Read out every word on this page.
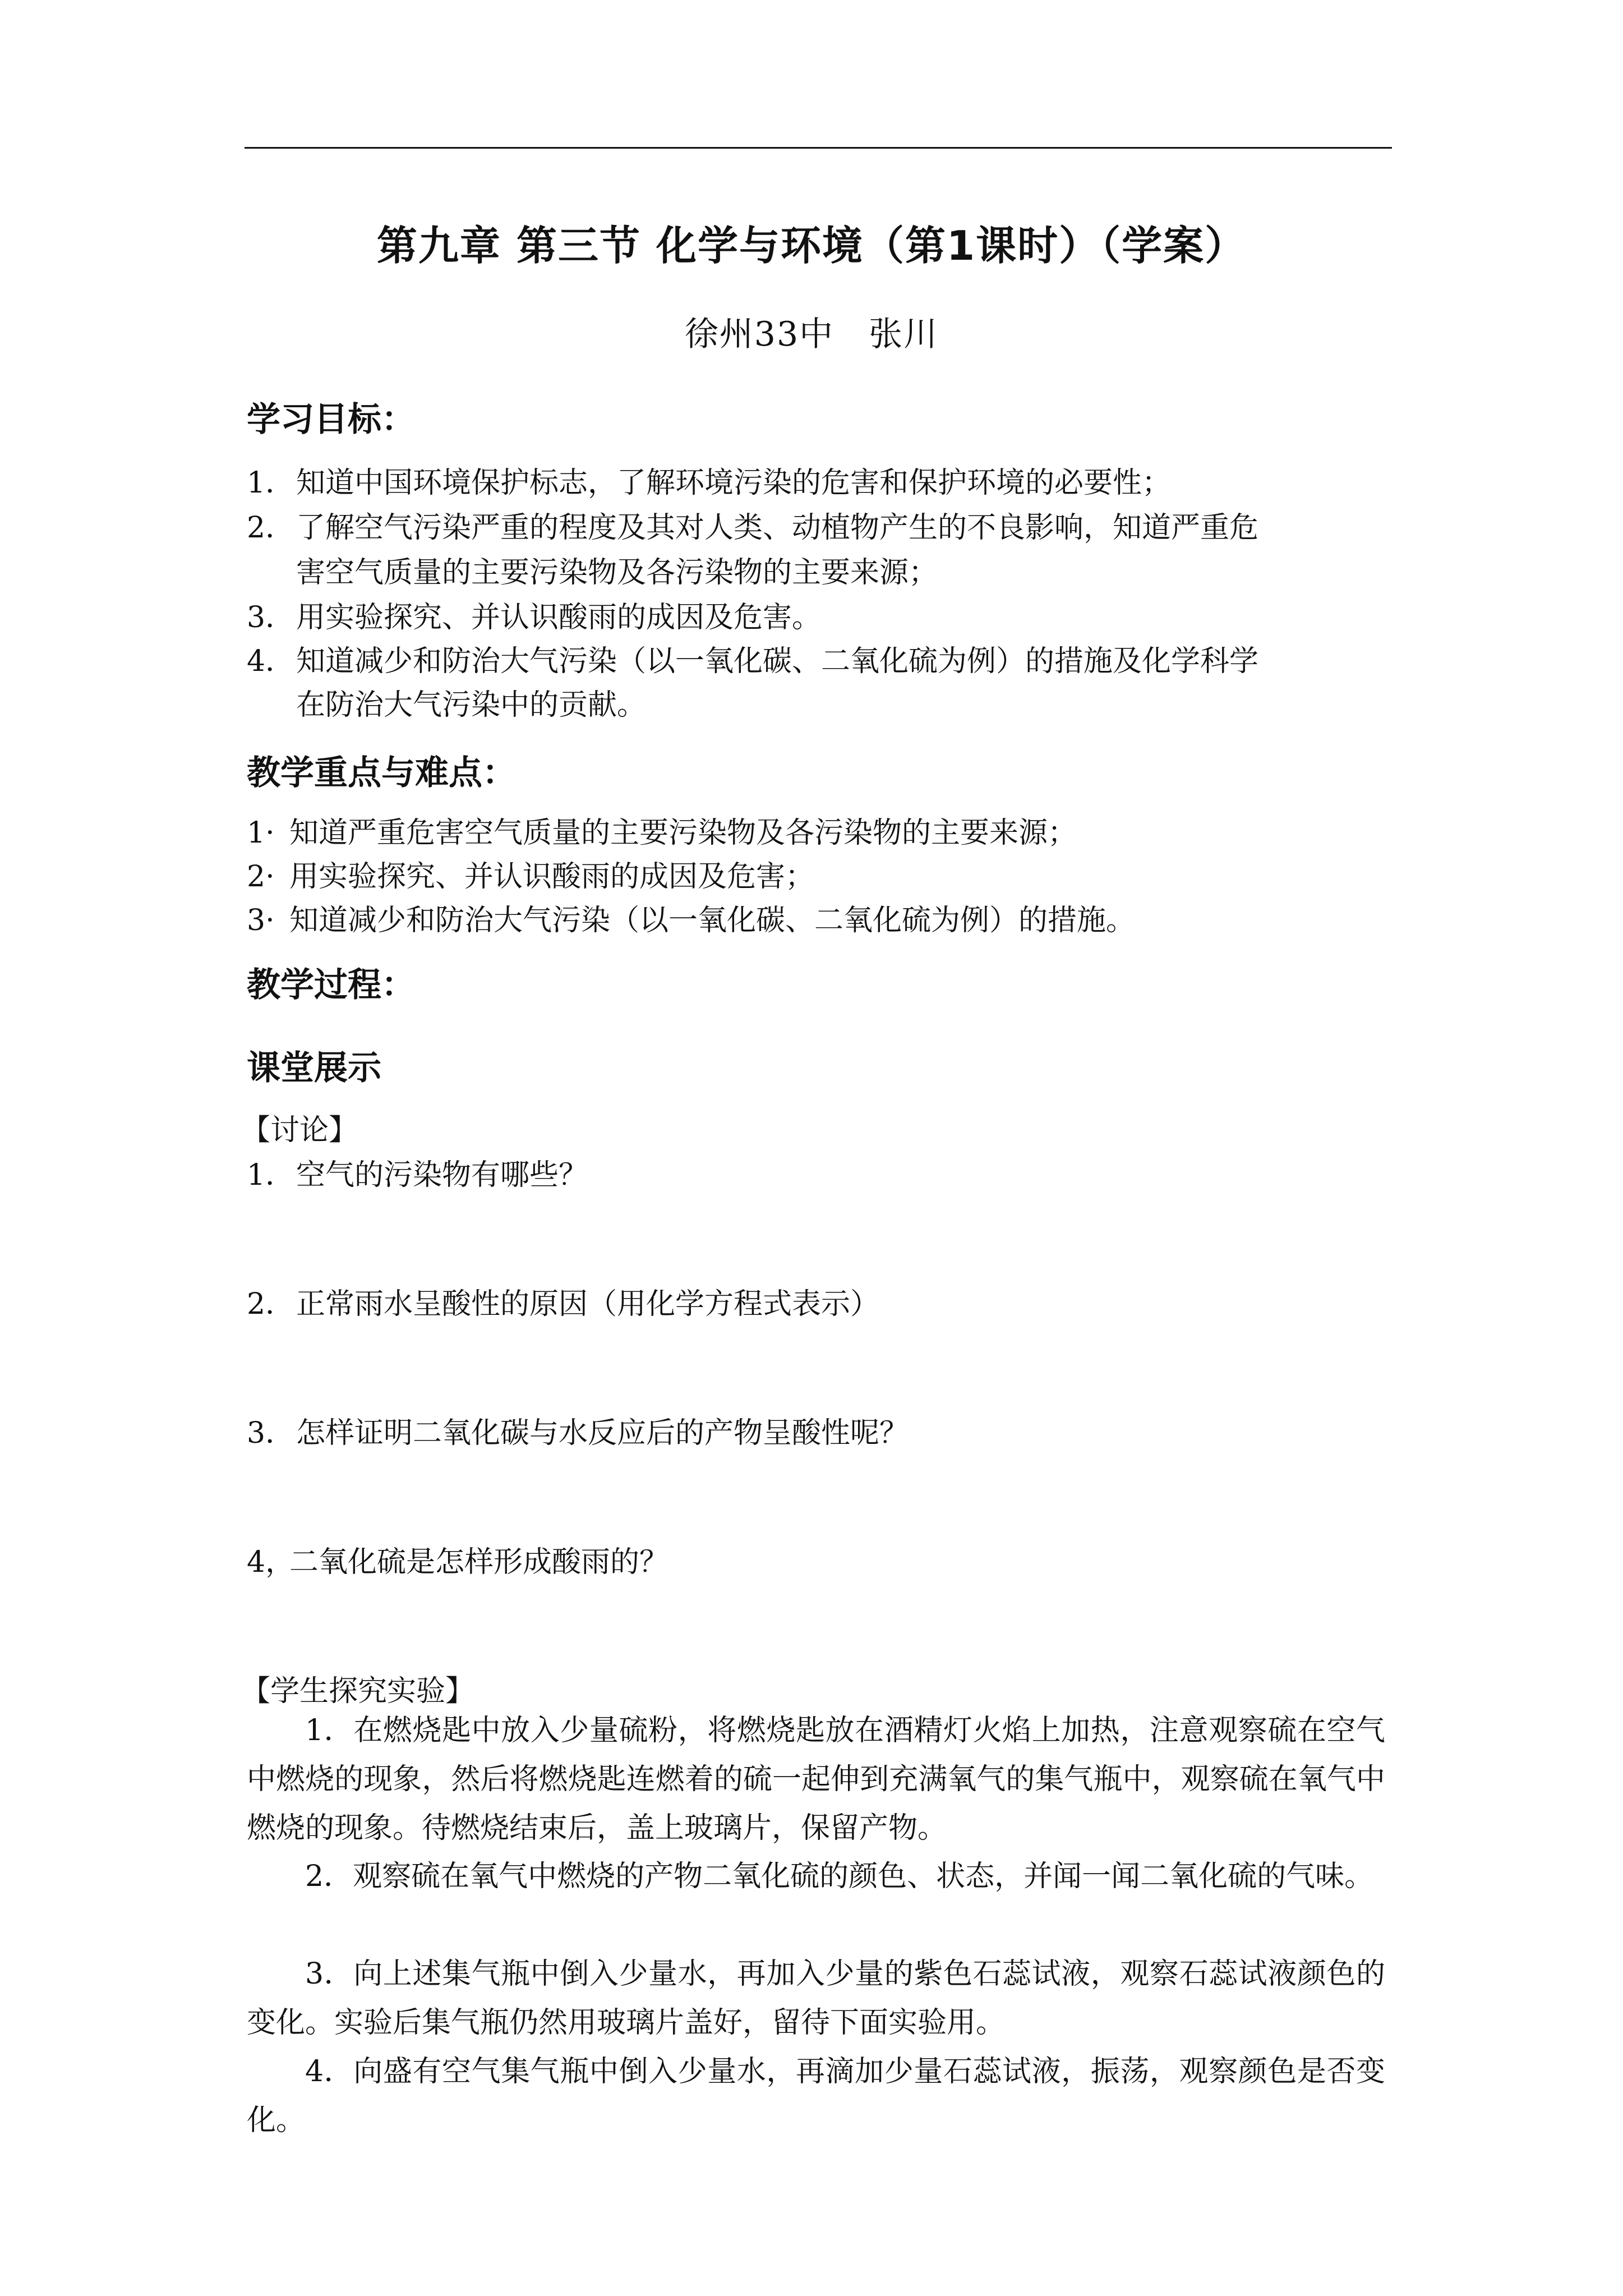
第九章 第三节 化学与环境（第1课时）（学案）
徐州33中　张川
学习目标：
1．知道中国环境保护标志，了解环境污染的危害和保护环境的必要性；
2．了解空气污染严重的程度及其对人类、动植物产生的不良影响，知道严重危
害空气质量的主要污染物及各污染物的主要来源；
3．用实验探究、并认识酸雨的成因及危害。
4．知道减少和防治大气污染（以一氧化碳、二氧化硫为例）的措施及化学科学
在防治大气污染中的贡献。
教学重点与难点：
1· 知道严重危害空气质量的主要污染物及各污染物的主要来源；
2· 用实验探究、并认识酸雨的成因及危害；
3· 知道减少和防治大气污染（以一氧化碳、二氧化硫为例）的措施。
教学过程：
课堂展示
【讨论】
1．空气的污染物有哪些？
2．正常雨水呈酸性的原因（用化学方程式表示）
3．怎样证明二氧化碳与水反应后的产物呈酸性呢？
4，二氧化硫是怎样形成酸雨的？
【学生探究实验】
1．在燃烧匙中放入少量硫粉，将燃烧匙放在酒精灯火焰上加热，注意观察硫在空气中燃烧的现象，然后将燃烧匙连燃着的硫一起伸到充满氧气的集气瓶中，观察硫在氧气中燃烧的现象。待燃烧结束后，盖上玻璃片，保留产物。
2．观察硫在氧气中燃烧的产物二氧化硫的颜色、状态，并闻一闻二氧化硫的气味。
3．向上述集气瓶中倒入少量水，再加入少量的紫色石蕊试液，观察石蕊试液颜色的变化。实验后集气瓶仍然用玻璃片盖好，留待下面实验用。
4．向盛有空气集气瓶中倒入少量水，再滴加少量石蕊试液，振荡，观察颜色是否变化。
